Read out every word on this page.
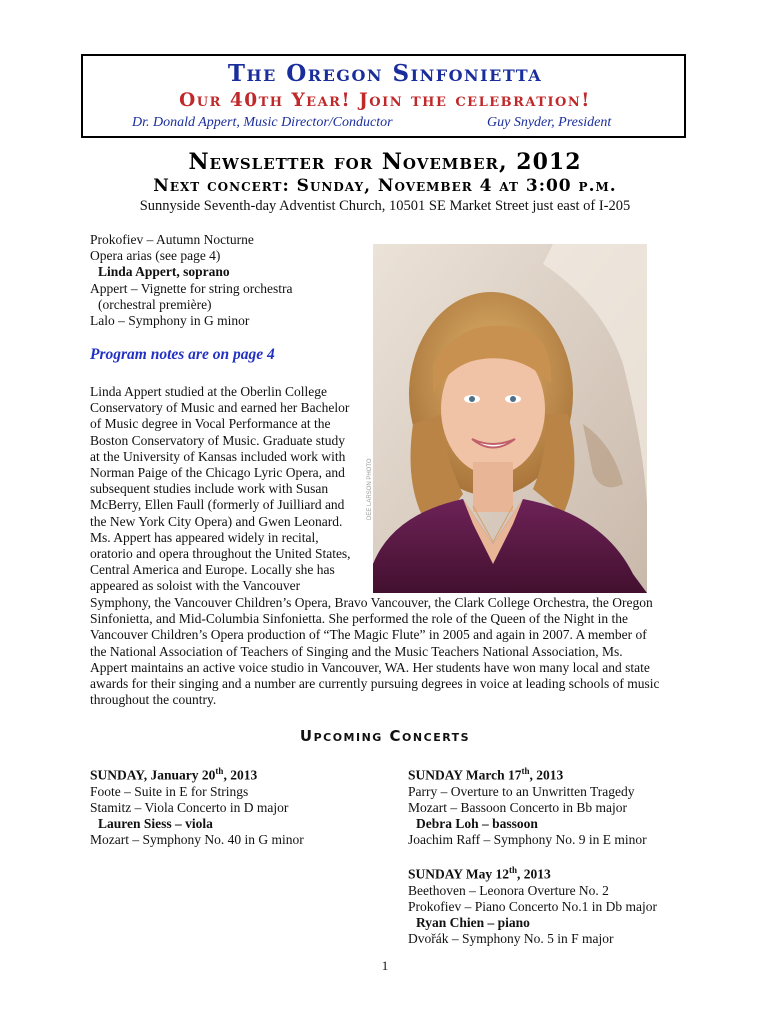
The Oregon Sinfonietta
Our 40th Year! Join the celebration!
Dr. Donald Appert, Music Director/Conductor	Guy Snyder, President
Newsletter for November, 2012
Next concert: Sunday, November 4 at 3:00 p.m.
Sunnyside Seventh-day Adventist Church, 10501 SE Market Street just east of I-205
Prokofiev – Autumn Nocturne
Opera arias (see page 4)
Linda Appert, soprano
Appert – Vignette for string orchestra
(orchestral première)
Lalo – Symphony in G minor
Program notes are on page 4
DEE LARSON PHOTO
Linda Appert studied at the Oberlin College
Conservatory of Music and earned her Bachelor
of Music degree in Vocal Performance at the
Boston Conservatory of Music. Graduate study
at the University of Kansas included work with
Norman Paige of the Chicago Lyric Opera, and
subsequent studies include work with Susan
McBerry, Ellen Faull (formerly of Juilliard and
the New York City Opera) and Gwen Leonard.
Ms. Appert has appeared widely in recital,
oratorio and opera throughout the United States,
Central America and Europe. Locally she has
appeared as soloist with the Vancouver
Symphony, the Vancouver Children’s Opera, Bravo Vancouver, the Clark College Orchestra, the Oregon
Sinfonietta, and Mid-Columbia Sinfonietta. She performed the role of the Queen of the Night in the
Vancouver Children’s Opera production of “The Magic Flute” in 2005 and again in 2007. A member of
the National Association of Teachers of Singing and the Music Teachers National Association, Ms.
Appert maintains an active voice studio in Vancouver, WA. Her students have won many local and state
awards for their singing and a number are currently pursuing degrees in voice at leading schools of music
throughout the country.
Upcoming Concerts
SUNDAY, January 20th, 2013
Foote – Suite in E for Strings
Stamitz – Viola Concerto in D major
Lauren Siess – viola
Mozart – Symphony No. 40 in G minor
SUNDAY March 17th, 2013
Parry – Overture to an Unwritten Tragedy
Mozart – Bassoon Concerto in Bb major
Debra Loh – bassoon
Joachim Raff – Symphony No. 9 in E minor
SUNDAY May 12th, 2013
Beethoven – Leonora Overture No. 2
Prokofiev – Piano Concerto No.1 in Db major
Ryan Chien – piano
Dvořák – Symphony No. 5 in F major
1
